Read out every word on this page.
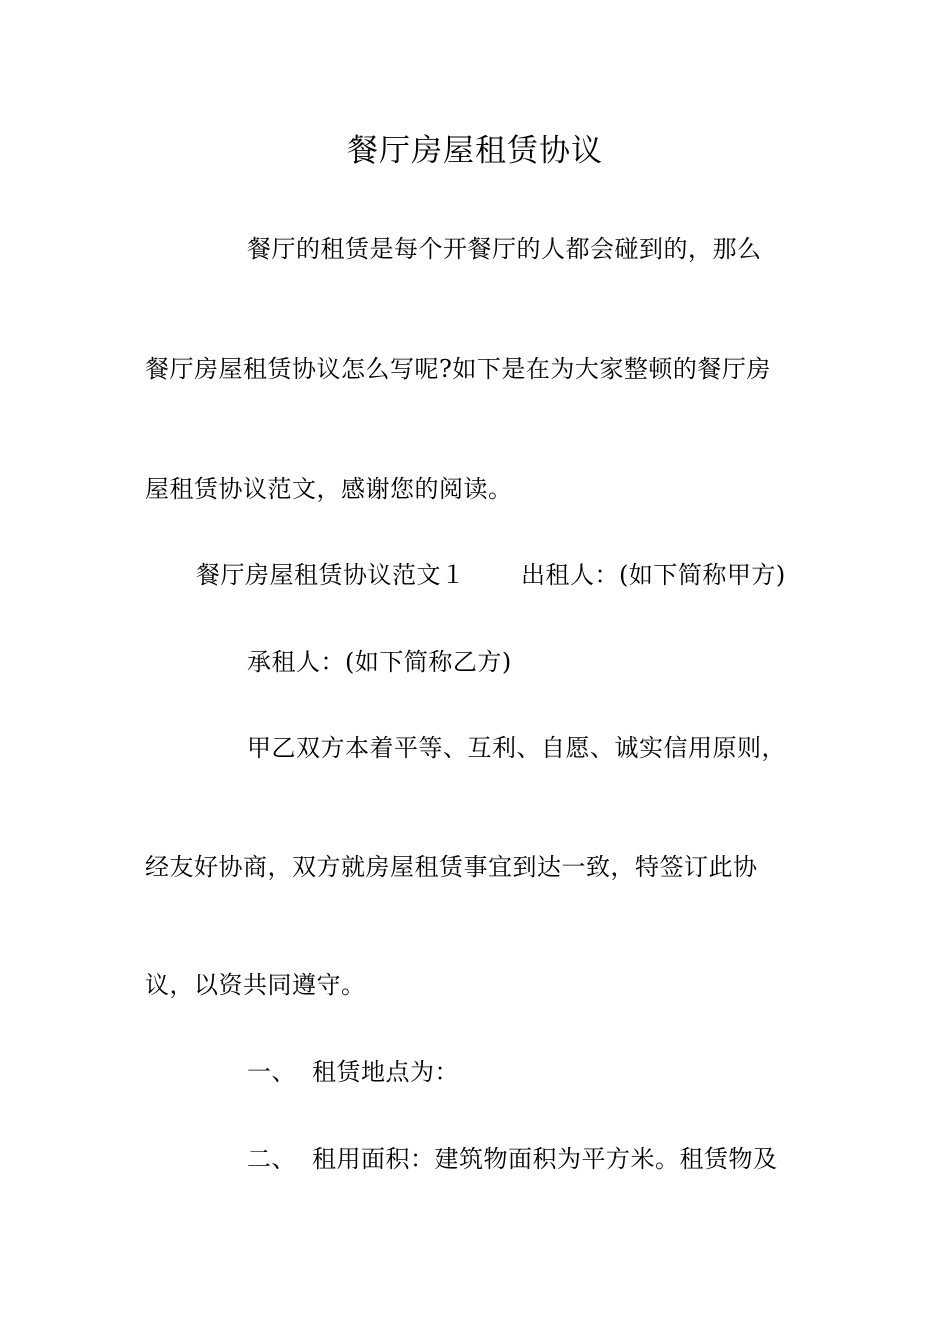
餐厅房屋租赁协议
餐厅的租赁是每个开餐厅的人都会碰到的，那么
餐厅房屋租赁协议怎么写呢?如下是在为大家整顿的餐厅房
屋租赁协议范文，感谢您的阅读。
餐厅房屋租赁协议范文１ 出租人：(如下简称甲方)
承租人：(如下简称乙方)
甲乙双方本着平等、互利、自愿、诚实信用原则，
经友好协商，双方就房屋租赁事宜到达一致，特签订此协
议，以资共同遵守。
一、 租赁地点为：
二、 租用面积：建筑物面积为平方米。租赁物及
